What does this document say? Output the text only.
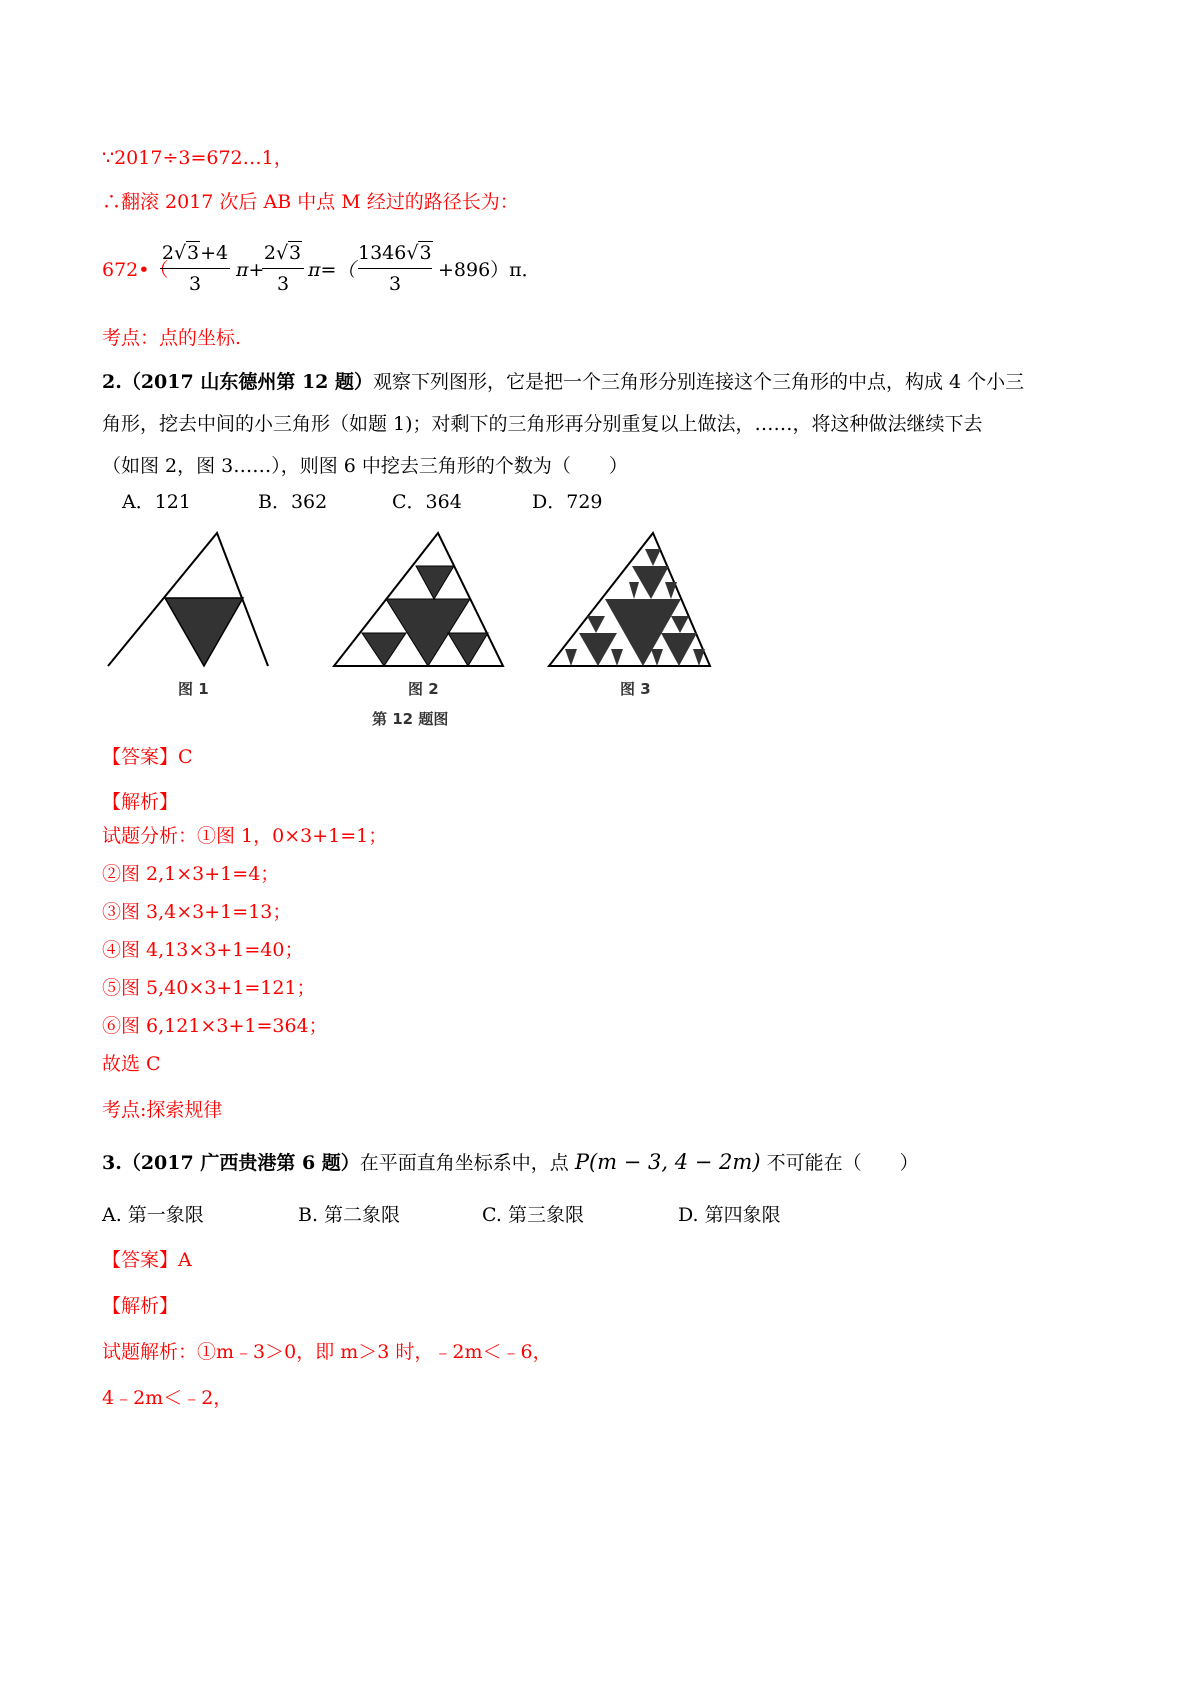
∵2017÷3=672…1，
∴翻滚 2017 次后 AB 中点 M 经过的路径长为：
672•（
2√3+4
3
π+
2√3
3
π=（
1346√3
3
+896）π．
考点：点的坐标.
2.（2017 山东德州第 12 题）观察下列图形，它是把一个三角形分别连接这个三角形的中点，构成 4 个小三
角形，挖去中间的小三角形（如题 1)；对剩下的三角形再分别重复以上做法，……，将这种做法继续下去
（如图 2，图 3……），则图 6 中挖去三角形的个数为（　　）
A．121	B．362	C．364	D．729
图 1	图 2	图 3
第 12 题图
【答案】C
【解析】
试题分析：①图 1，0×3+1=1；
②图 2,1×3+1=4；
③图 3,4×3+1=13；
④图 4,13×3+1=40；
⑤图 5,40×3+1=121；
⑥图 6,121×3+1=364；
故选 C
考点:探索规律
3.（2017 广西贵港第 6 题）在平面直角坐标系中，点 P(m − 3, 4 − 2m) 不可能在（　　）
A. 第一象限	B. 第二象限	C. 第三象限	D. 第四象限
【答案】A
【解析】
试题解析：①m﹣3＞0，即 m＞3 时，﹣2m＜﹣6，
4﹣2m＜﹣2，
